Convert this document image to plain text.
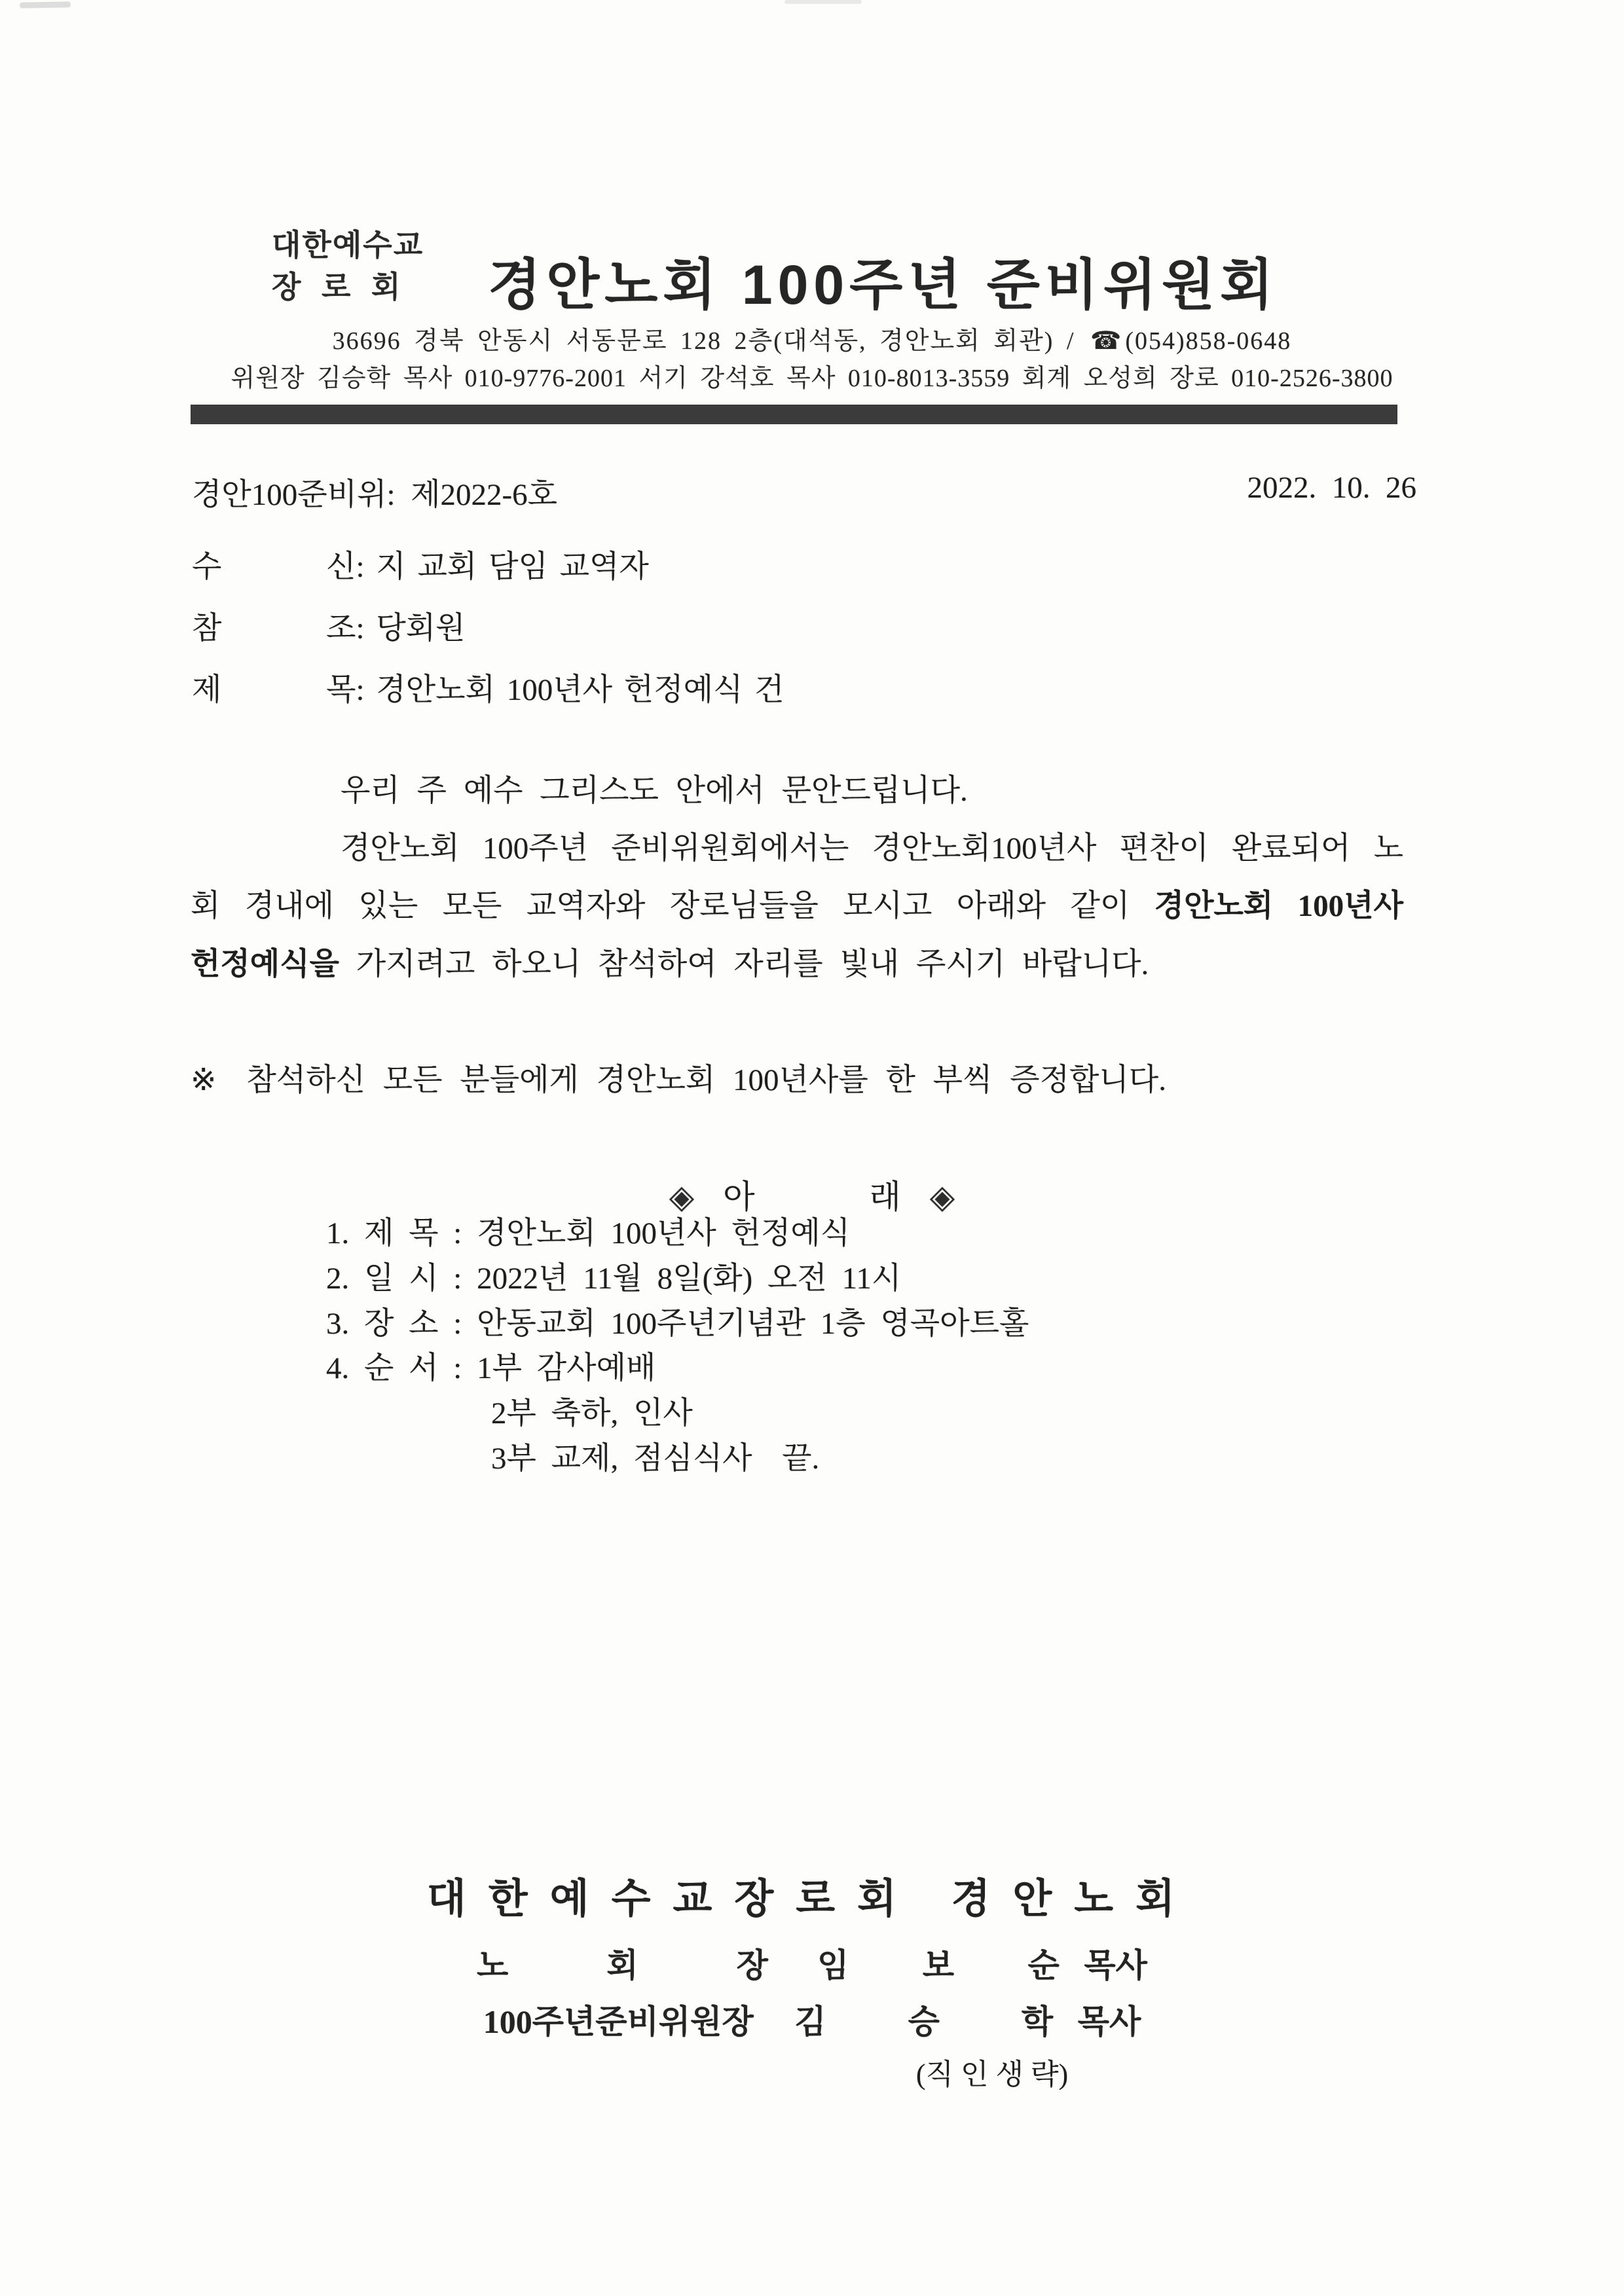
대한예수교
장  로  회	경안노회 100주년 준비위원회
36696 경북 안동시 서동문로 128 2층(대석동, 경안노회 회관) / ☎ (054)858-0648
위원장 김승학 목사 010-9776-2001 서기 강석호 목사 010-8013-3559 회계 오성희 장로 010-2526-3800
경안100준비위:  제2022-6호	2022.  10.  26
수         신: 지 교회 담임 교역자
참         조: 당회원
제         목: 경안노회 100년사 헌정예식 건
우리 주 예수 그리스도 안에서 문안드립니다.
경안노회 100주년 준비위원회에서는 경안노회100년사 편찬이 완료되어 노
회 경내에 있는 모든 교역자와 장로님들을 모시고 아래와 같이 경안노회 100년사
헌정예식을 가지려고 하오니 참석하여 자리를 빛내 주시기 바랍니다.
※ 참석하신 모든 분들에게 경안노회 100년사를 한 부씩 증정합니다.
◈ 아              래 ◈
1. 제 목 : 경안노회 100년사 헌정예식
2. 일 시 : 2022년 11월 8일(화) 오전 11시
3. 장 소 : 안동교회 100주년기념관 1층 영곡아트홀
4. 순 서 : 1부 감사예배
2부 축하, 인사
3부 교제, 점심식사  끝.
대한예수교장로회 경안노회
노            회            장      임         보         순   목사
100주년준비위원장     김          승          학   목사
(직 인 생 략)
